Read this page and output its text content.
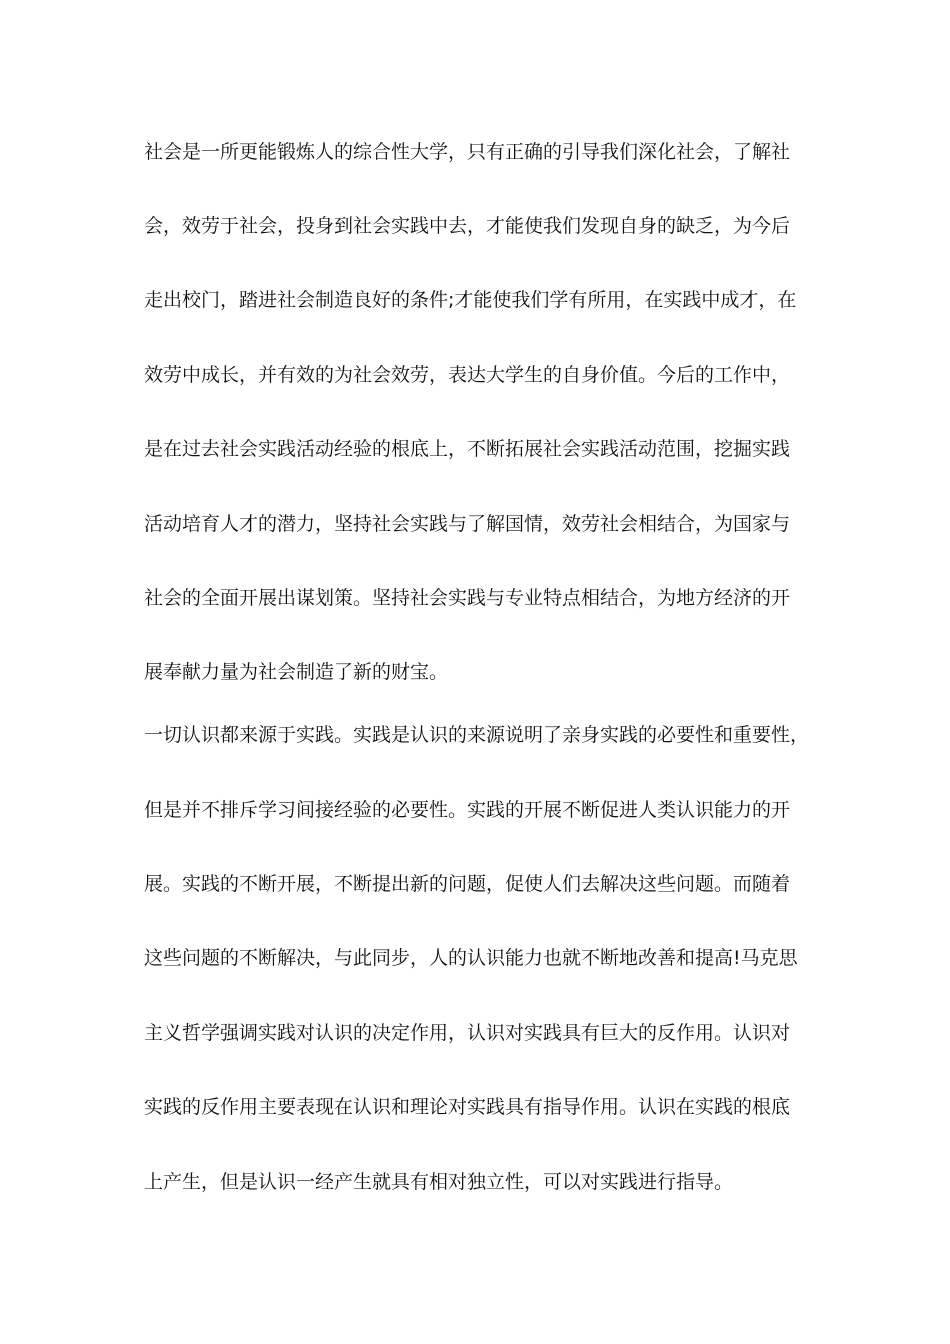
社会是一所更能锻炼人的综合性大学，只有正确的引导我们深化社会，了解社
会，效劳于社会，投身到社会实践中去，才能使我们发现自身的缺乏，为今后
走出校门，踏进社会制造良好的条件;才能使我们学有所用，在实践中成才，在
效劳中成长，并有效的为社会效劳，表达大学生的自身价值。今后的工作中，
是在过去社会实践活动经验的根底上，不断拓展社会实践活动范围，挖掘实践
活动培育人才的潜力，坚持社会实践与了解国情，效劳社会相结合，为国家与
社会的全面开展出谋划策。坚持社会实践与专业特点相结合，为地方经济的开
展奉献力量为社会制造了新的财宝。
一切认识都来源于实践。实践是认识的来源说明了亲身实践的必要性和重要性，
但是并不排斥学习间接经验的必要性。实践的开展不断促进人类认识能力的开
展。实践的不断开展，不断提出新的问题，促使人们去解决这些问题。而随着
这些问题的不断解决，与此同步，人的认识能力也就不断地改善和提高!马克思
主义哲学强调实践对认识的决定作用，认识对实践具有巨大的反作用。认识对
实践的反作用主要表现在认识和理论对实践具有指导作用。认识在实践的根底
上产生，但是认识一经产生就具有相对独立性，可以对实践进行指导。
